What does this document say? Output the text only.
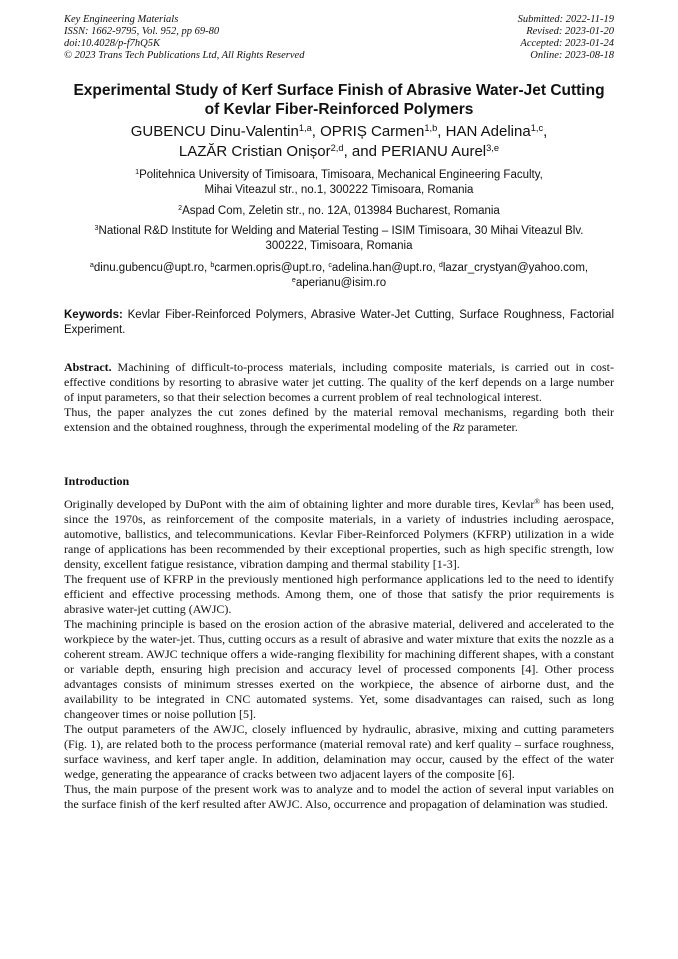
Key Engineering Materials
ISSN: 1662-9795, Vol. 952, pp 69-80
doi:10.4028/p-f7hQ5K
© 2023 Trans Tech Publications Ltd, All Rights Reserved
Submitted: 2022-11-19
Revised: 2023-01-20
Accepted: 2023-01-24
Online: 2023-08-18
Experimental Study of Kerf Surface Finish of Abrasive Water-Jet Cutting
of Kevlar Fiber-Reinforced Polymers
GUBENCU Dinu-Valentin$^{1,a}$, OPRIȘ Carmen$^{1,b}$, HAN Adelina$^{1,c}$,
LAZĂR Cristian Onișor$^{2,d}$, and PERIANU Aurel$^{3,e}$
$^1$Politehnica University of Timisoara, Timisoara, Mechanical Engineering Faculty,
Mihai Viteazul str., no.1, 300222 Timisoara, Romania
$^2$Aspad Com, Zeletin str., no. 12A, 013984 Bucharest, Romania
$^3$National R&D Institute for Welding and Material Testing – ISIM Timisoara, 30 Mihai Viteazul Blv.
300222, Timisoara, Romania
$^a$dinu.gubencu@upt.ro, $^b$carmen.opris@upt.ro, $^c$adelina.han@upt.ro, $^d$lazar_crystyan@yahoo.com,
$^e$aperianu@isim.ro
Keywords: Kevlar Fiber-Reinforced Polymers, Abrasive Water-Jet Cutting, Surface Roughness, Factorial Experiment.

Abstract. Machining of difficult-to-process materials, including composite materials, is carried out in cost-effective conditions by resorting to abrasive water jet cutting. The quality of the kerf depends on a large number of input parameters, so that their selection becomes a current problem of real technological interest.

Thus, the paper analyzes the cut zones defined by the material removal mechanisms, regarding both their extension and the obtained roughness, through the experimental modeling of the Rz parameter.

Introduction

Originally developed by DuPont with the aim of obtaining lighter and more durable tires, Kevlar® has been used, since the 1970s, as reinforcement of the composite materials, in a variety of industries including aerospace, automotive, ballistics, and telecommunications. Kevlar Fiber-Reinforced Polymers (KFRP) utilization in a wide range of applications has been recommended by their exceptional properties, such as high specific strength, low density, excellent fatigue resistance, vibration damping and thermal stability [1-3].

The frequent use of KFRP in the previously mentioned high performance applications led to the need to identify efficient and effective processing methods. Among them, one of those that satisfy the prior requirements is abrasive water-jet cutting (AWJC).

The machining principle is based on the erosion action of the abrasive material, delivered and accelerated to the workpiece by the water-jet. Thus, cutting occurs as a result of abrasive and water mixture that exits the nozzle as a coherent stream. AWJC technique offers a wide-ranging flexibility for machining different shapes, with a constant or variable depth, ensuring high precision and accuracy level of processed components [4]. Other process advantages consists of minimum stresses exerted on the workpiece, the absence of airborne dust, and the availability to be integrated in CNC automated systems. Yet, some disadvantages can raised, such as long changeover times or noise pollution [5].

The output parameters of the AWJC, closely influenced by hydraulic, abrasive, mixing and cutting parameters (Fig. 1), are related both to the process performance (material removal rate) and kerf quality – surface roughness, surface waviness, and kerf taper angle. In addition, delamination may occur, caused by the effect of the water wedge, generating the appearance of cracks between two adjacent layers of the composite [6].

Thus, the main purpose of the present work was to analyze and to model the action of several input variables on the surface finish of the kerf resulted after AWJC. Also, occurrence and propagation of delamination was studied.
